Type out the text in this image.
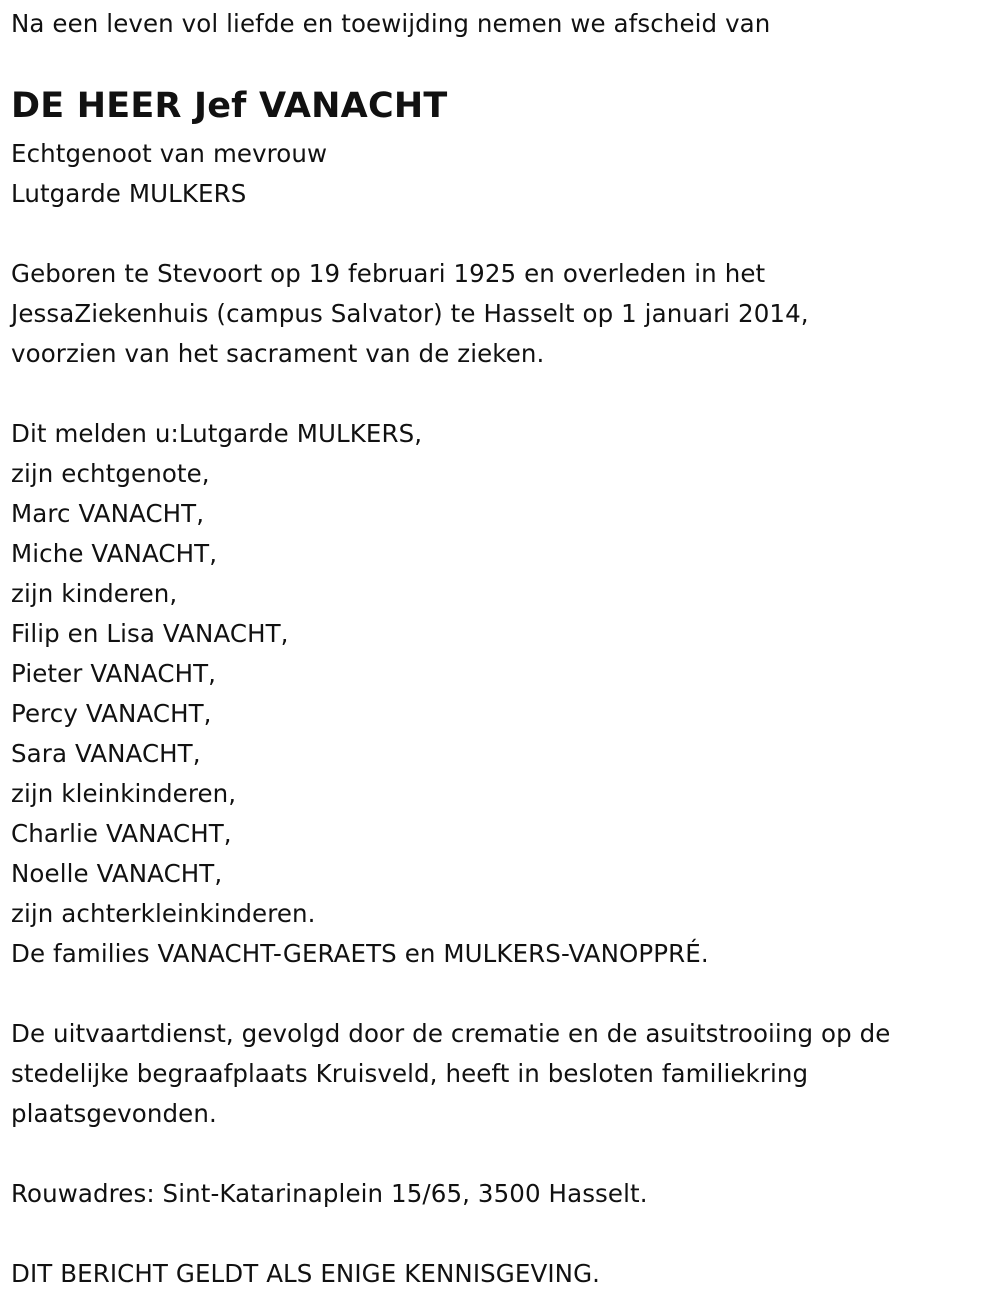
Na een leven vol liefde en toewijding nemen we afscheid van
DE HEER Jef VANACHT
Echtgenoot van mevrouw
Lutgarde MULKERS
Geboren te Stevoort op 19 februari 1925 en overleden in het
JessaZiekenhuis (campus Salvator) te Hasselt op 1 januari 2014,
voorzien van het sacrament van de zieken.
Dit melden u:Lutgarde MULKERS,
zijn echtgenote,
Marc VANACHT,
Miche VANACHT,
zijn kinderen,
Filip en Lisa VANACHT,
Pieter VANACHT,
Percy VANACHT,
Sara VANACHT,
zijn kleinkinderen,
Charlie VANACHT,
Noelle VANACHT,
zijn achterkleinkinderen.
De families VANACHT-GERAETS en MULKERS-VANOPPRÉ.
De uitvaartdienst, gevolgd door de crematie en de asuitstrooiing op de
stedelijke begraafplaats Kruisveld, heeft in besloten familiekring
plaatsgevonden.
Rouwadres: Sint-Katarinaplein 15/65, 3500 Hasselt.
DIT BERICHT GELDT ALS ENIGE KENNISGEVING.
